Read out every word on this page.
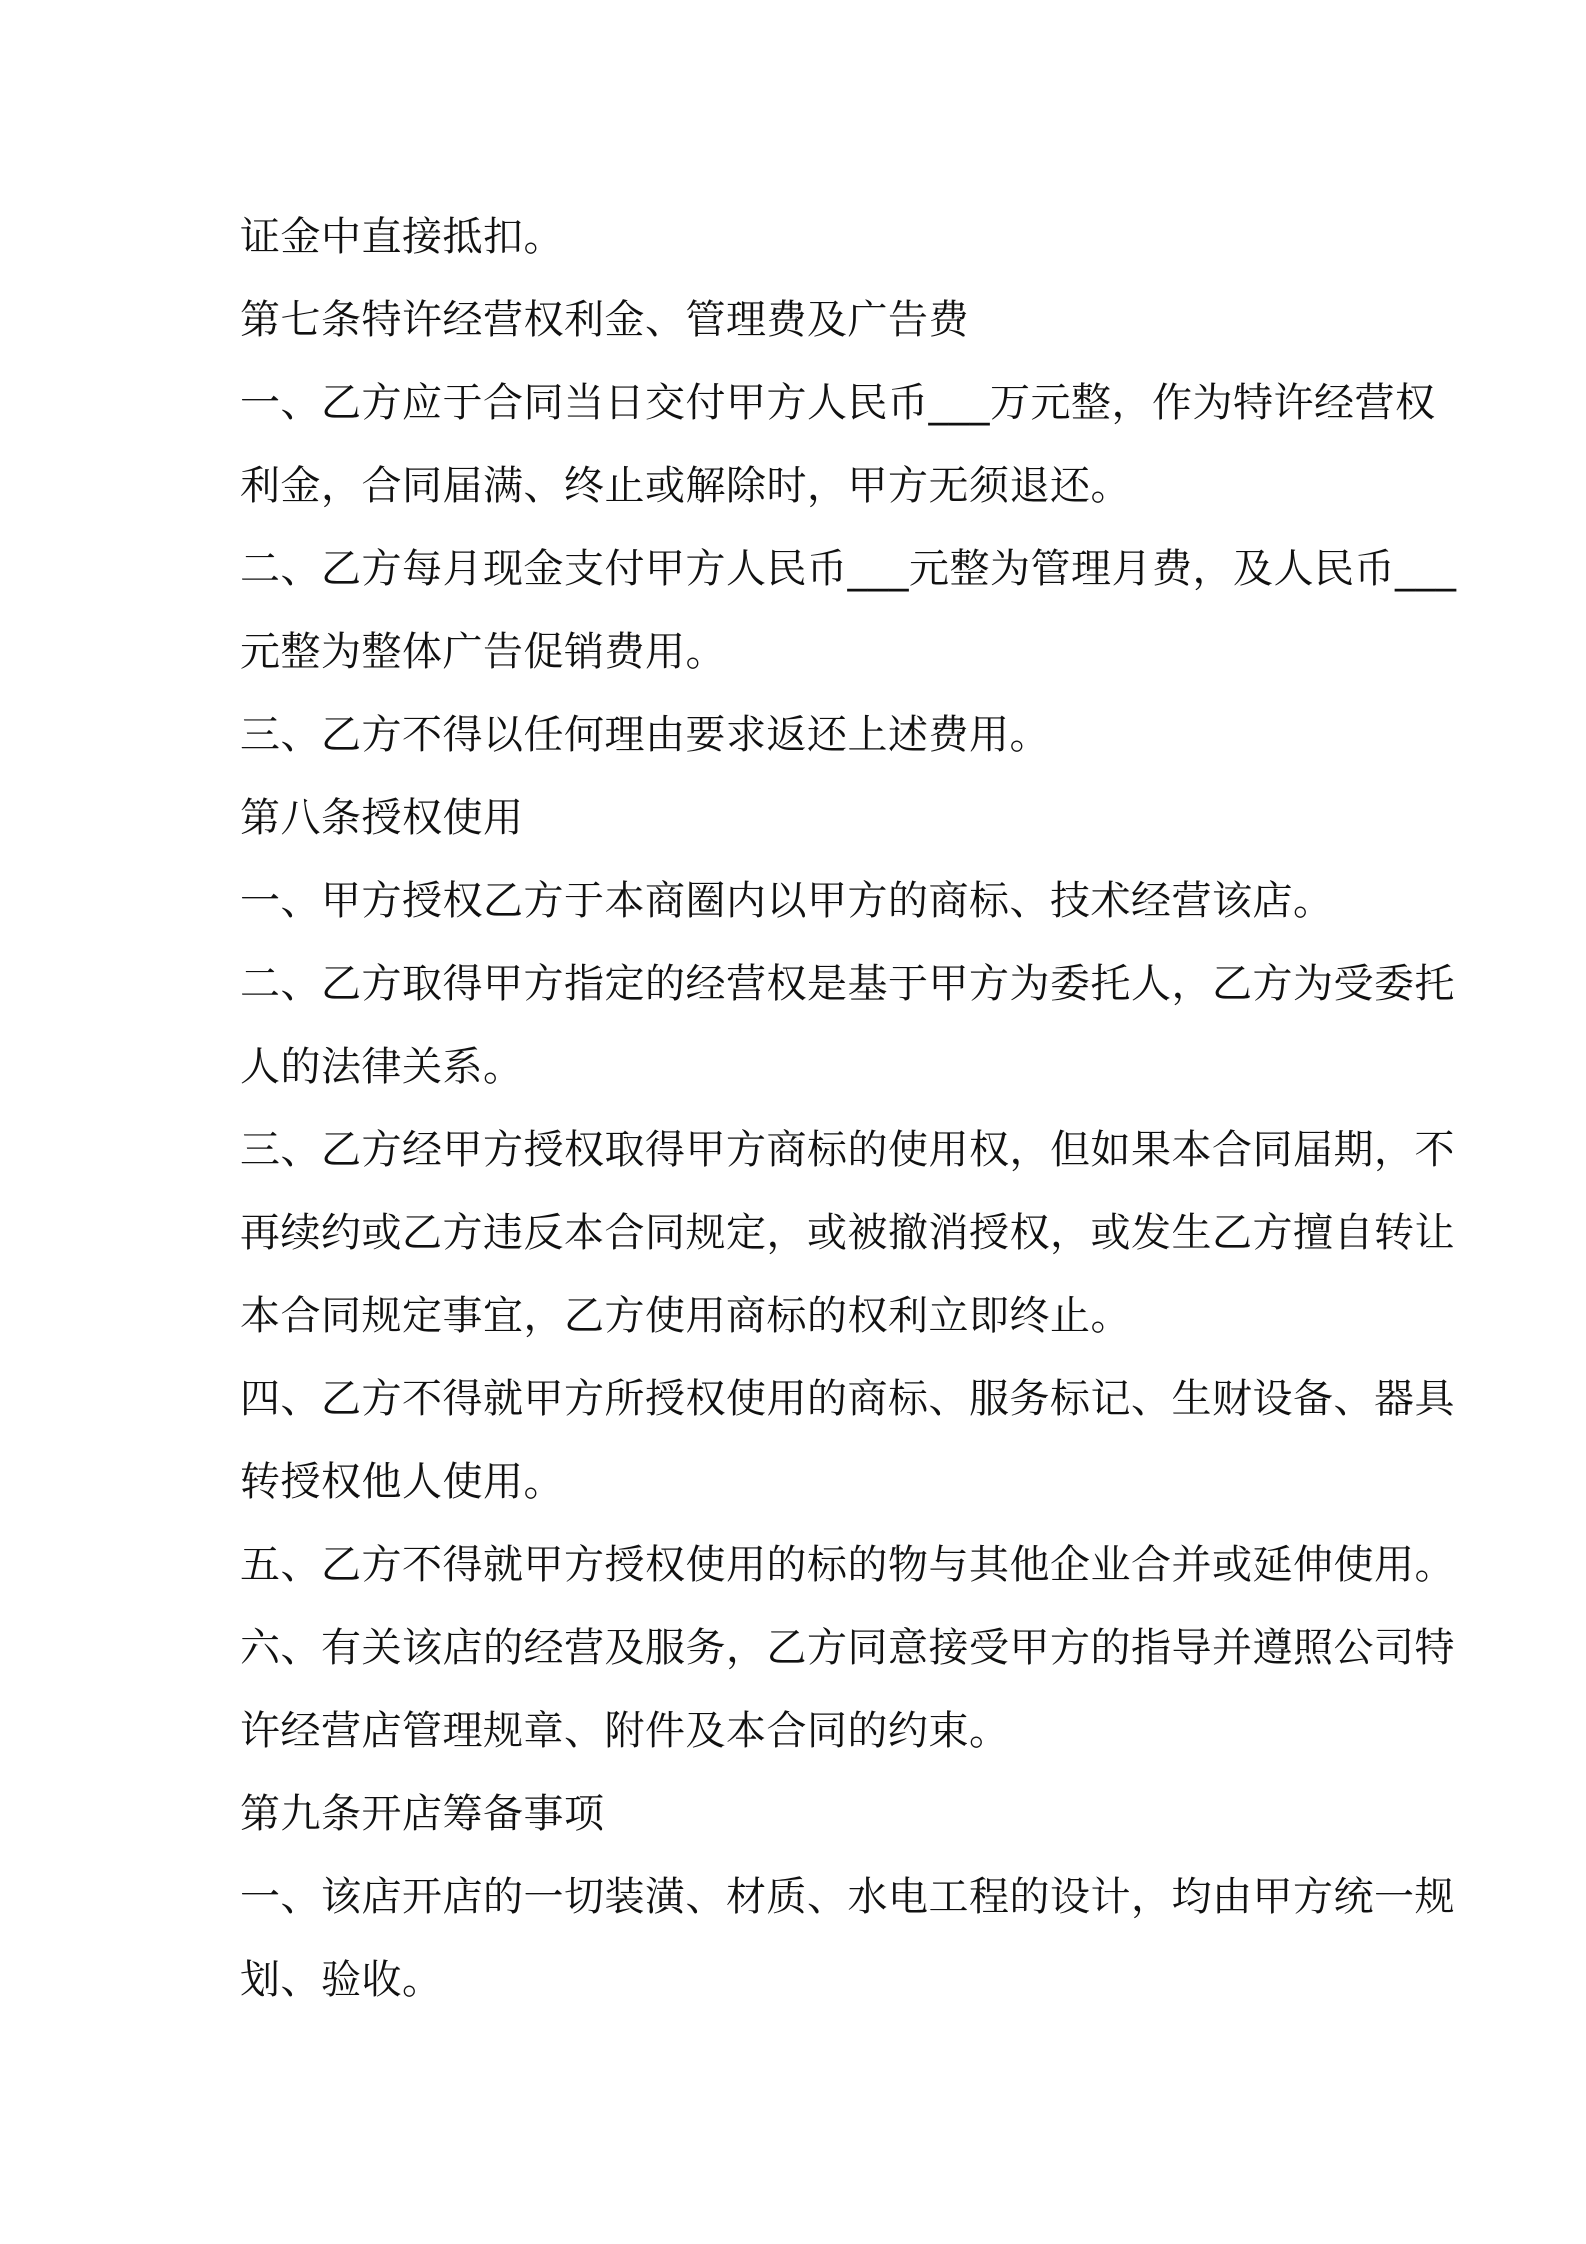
证金中直接抵扣。
第七条特许经营权利金、管理费及广告费
一、乙方应于合同当日交付甲方人民币___万元整，作为特许经营权
利金，合同届满、终止或解除时，甲方无须退还。
二、乙方每月现金支付甲方人民币___元整为管理月费，及人民币___
元整为整体广告促销费用。
三、乙方不得以任何理由要求返还上述费用。
第八条授权使用
一、甲方授权乙方于本商圈内以甲方的商标、技术经营该店。
二、乙方取得甲方指定的经营权是基于甲方为委托人，乙方为受委托
人的法律关系。
三、乙方经甲方授权取得甲方商标的使用权，但如果本合同届期，不
再续约或乙方违反本合同规定，或被撤消授权，或发生乙方擅自转让
本合同规定事宜，乙方使用商标的权利立即终止。
四、乙方不得就甲方所授权使用的商标、服务标记、生财设备、器具
转授权他人使用。
五、乙方不得就甲方授权使用的标的物与其他企业合并或延伸使用。
六、有关该店的经营及服务，乙方同意接受甲方的指导并遵照公司特
许经营店管理规章、附件及本合同的约束。
第九条开店筹备事项
一、该店开店的一切装潢、材质、水电工程的设计，均由甲方统一规
划、验收。
